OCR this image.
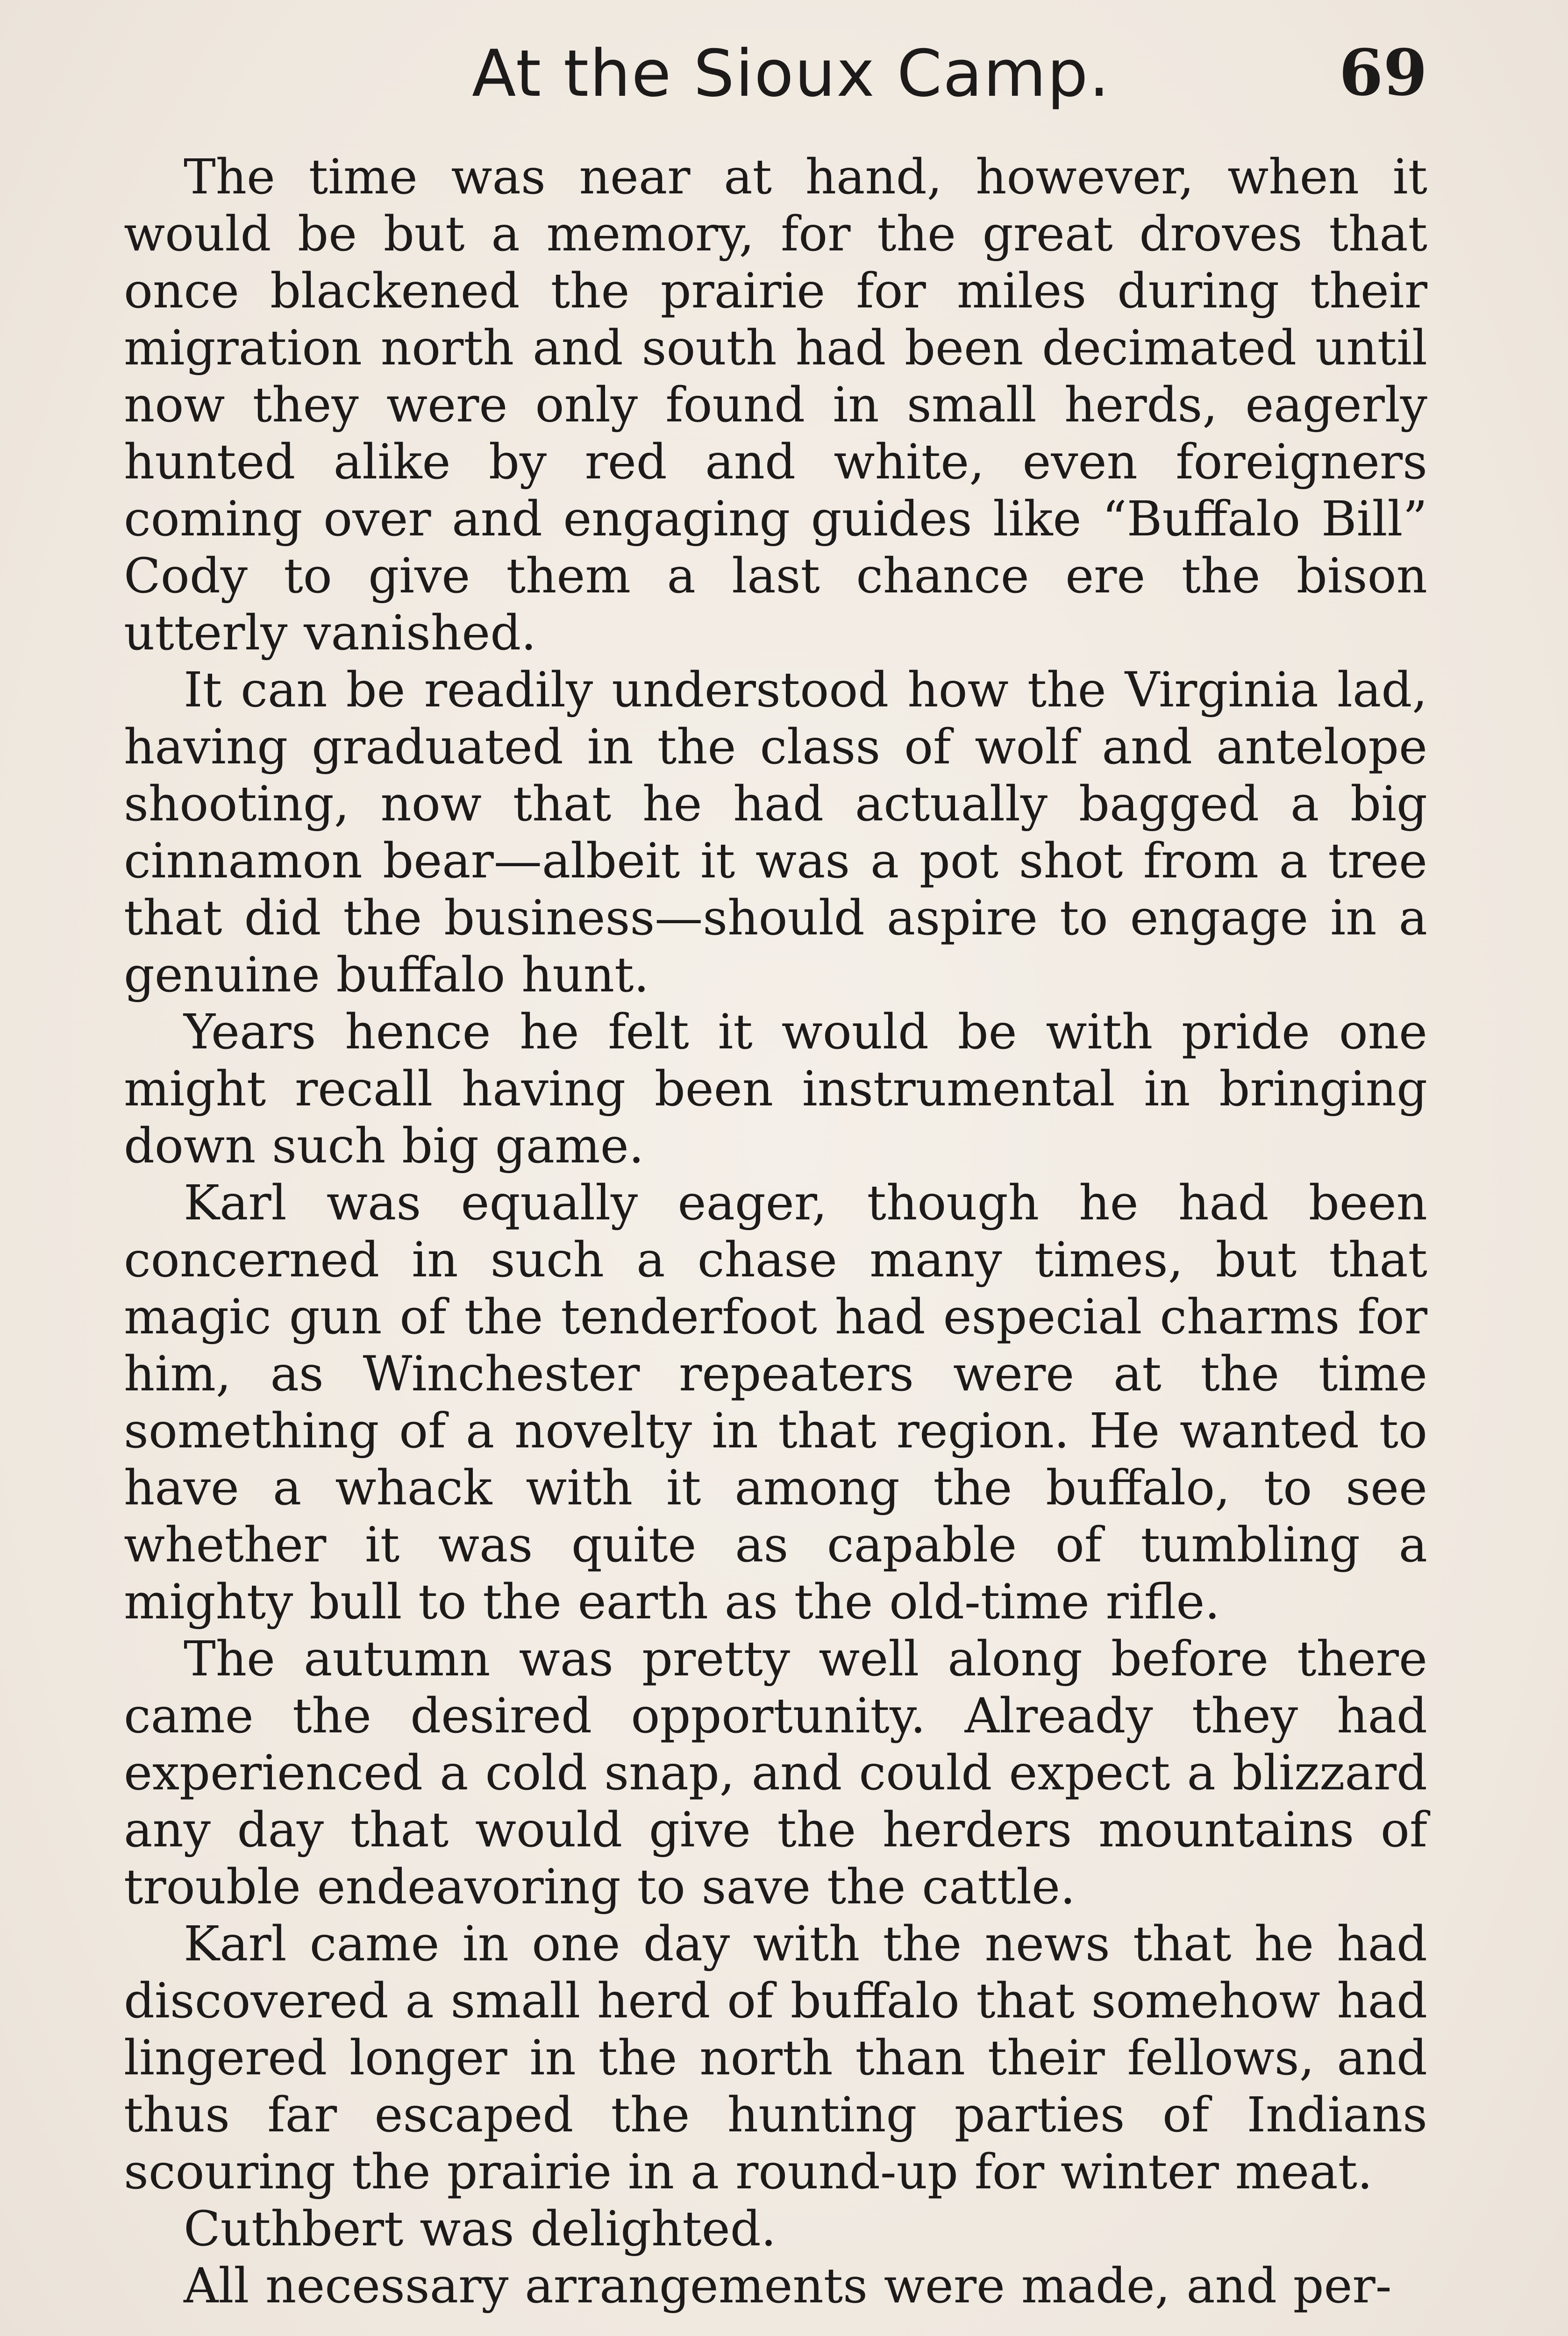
At the Sioux Camp.	69

The time was near at hand, however, when it would be but a memory, for the great droves that once blackened the prairie for miles during their migration north and south had been decimated until now they were only found in small herds, eagerly hunted alike by red and white, even foreigners coming over and engaging guides like “Buffalo Bill” Cody to give them a last chance ere the bison utterly vanished.

It can be readily understood how the Virginia lad, having graduated in the class of wolf and antelope shooting, now that he had actually bagged a big cinnamon bear—albeit it was a pot shot from a tree that did the business—should aspire to engage in a genuine buffalo hunt.

Years hence he felt it would be with pride one might recall having been instrumental in bringing down such big game.

Karl was equally eager, though he had been concerned in such a chase many times, but that magic gun of the tenderfoot had especial charms for him, as Winchester repeaters were at the time something of a novelty in that region. He wanted to have a whack with it among the buffalo, to see whether it was quite as capable of tumbling a mighty bull to the earth as the old-time rifle.

The autumn was pretty well along before there came the desired opportunity. Already they had experienced a cold snap, and could expect a blizzard any day that would give the herders mountains of trouble endeavoring to save the cattle.

Karl came in one day with the news that he had discovered a small herd of buffalo that somehow had lingered longer in the north than their fellows, and thus far escaped the hunting parties of Indians scouring the prairie in a round-up for winter meat.

Cuthbert was delighted.

All necessary arrangements were made, and per-
